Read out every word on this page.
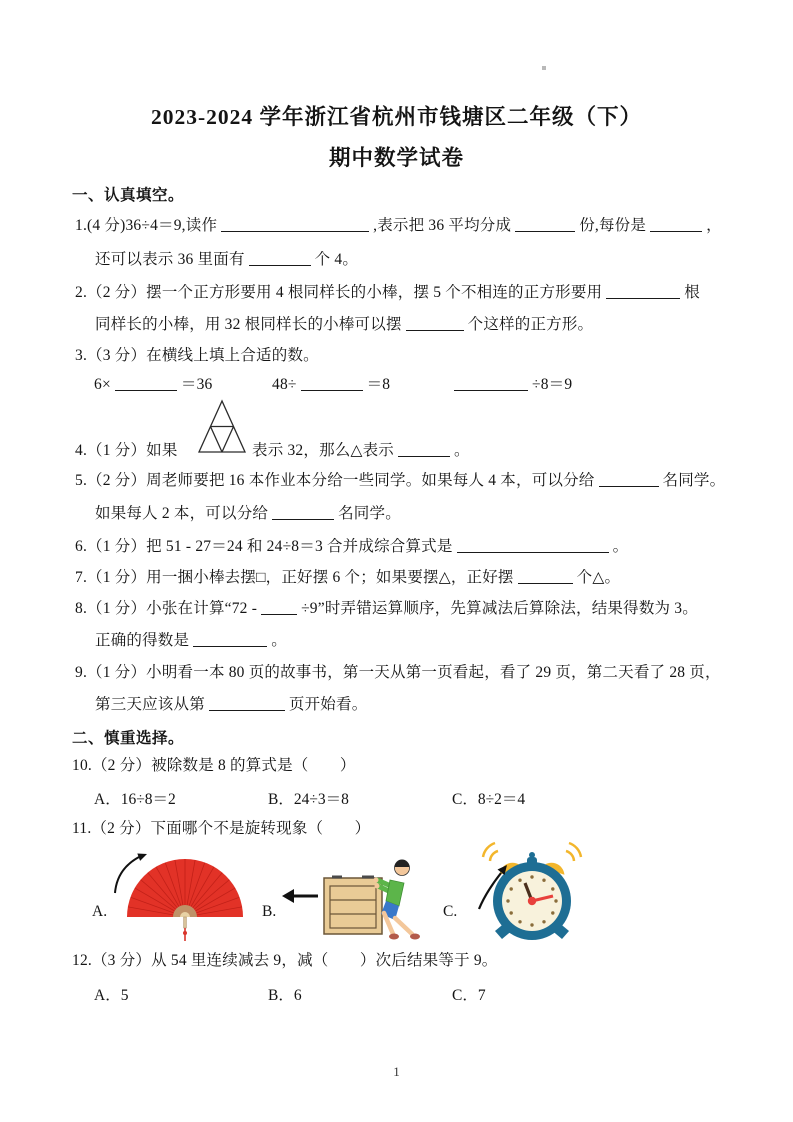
2023-2024 学年浙江省杭州市钱塘区二年级（下）
期中数学试卷
一、认真填空。
1.(4 分)36÷4＝9,读作	,表示把 36 平均分成	份,每份是	，
还可以表示 36 里面有	个 4。
2.（2 分）摆一个正方形要用 4 根同样长的小棒，摆 5 个不相连的正方形要用	根
同样长的小棒，用 32 根同样长的小棒可以摆	个这样的正方形。
3.（3 分）在横线上填上合适的数。
6×	＝36	48÷	＝8	÷8＝9
4.（1 分）如果	表示 32，那么△表示	。
5.（2 分）周老师要把 16 本作业本分给一些同学。如果每人 4 本，可以分给	名同学。
如果每人 2 本，可以分给	名同学。
6.（1 分）把 51 - 27＝24 和 24÷8＝3 合并成综合算式是	。
7.（1 分）用一捆小棒去摆□，正好摆 6 个；如果要摆△，正好摆	个△。
8.（1 分）小张在计算“72 -	÷9”时弄错运算顺序，先算减法后算除法，结果得数为 3。
正确的得数是	。
9.（1 分）小明看一本 80 页的故事书，第一天从第一页看起，看了 29 页，第二天看了 28 页，
第三天应该从第	页开始看。
二、慎重选择。
10.（2 分）被除数是 8 的算式是（　　）
A．16÷8＝2	B．24÷3＝8	C．8÷2＝4
11.（2 分）下面哪个不是旋转现象（　　）
A.	B.	C.
12.（3 分）从 54 里连续减去 9，减（　　）次后结果等于 9。
A．5	B．6	C．7
1
